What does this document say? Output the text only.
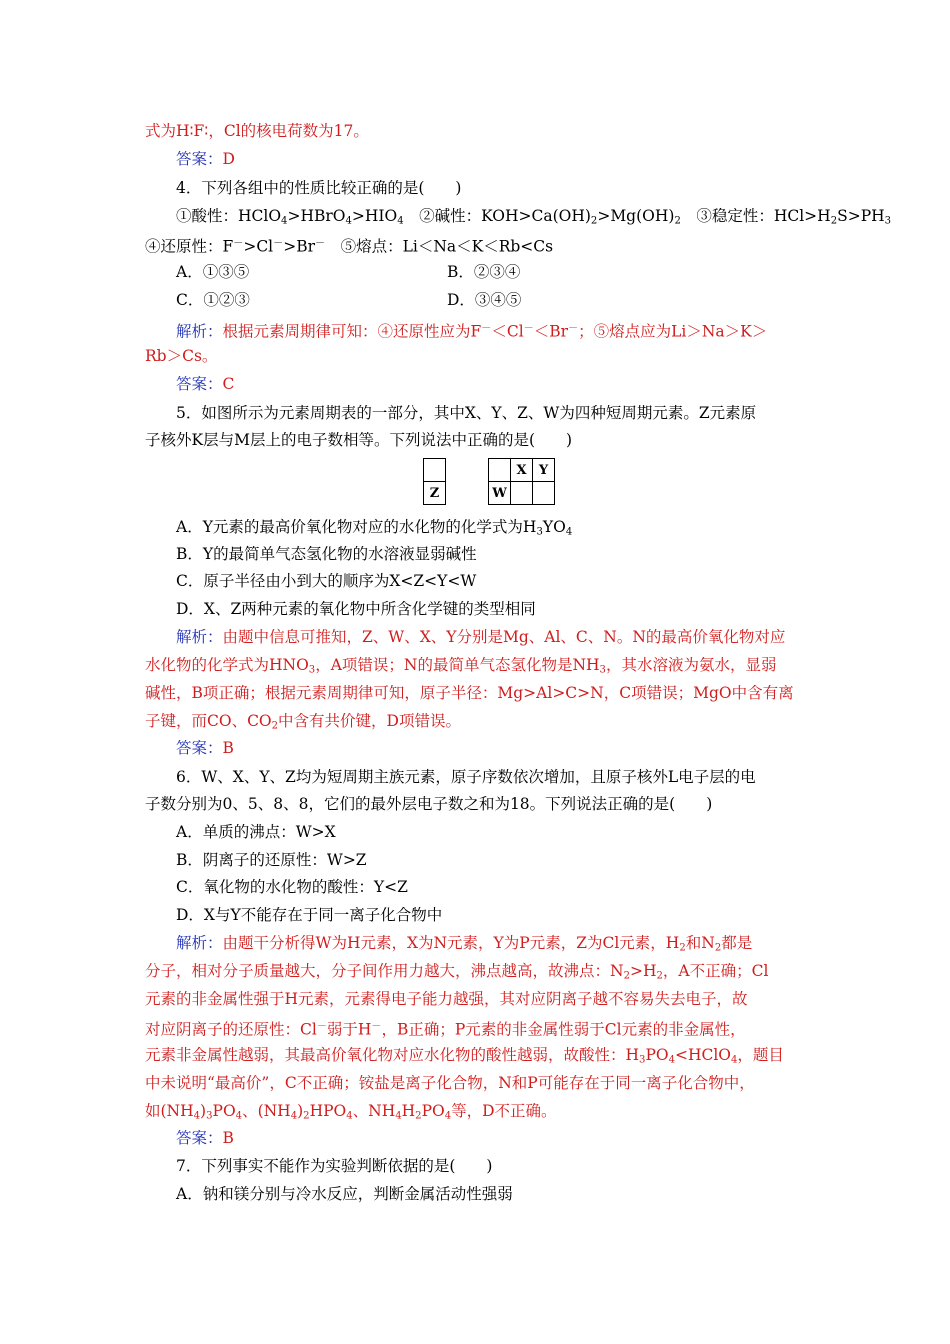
式为H∶F∶，Cl的核电荷数为17。
答案：D
4．下列各组中的性质比较正确的是(　　)
①酸性：$HClO_4>HBrO_4>HIO_4$　②碱性：$KOH>Ca(OH)_2>Mg(OH)_2$　③稳定性：$HCl>H_2S>PH_3$
④还原性：F－>Cl－>Br－　⑤熔点：Li＜Na＜K＜Rb<Cs
A．①③⑤	B．②③④
C．①②③	D．③④⑤
解析：根据元素周期律可知：④还原性应为F－＜Cl－＜Br－；⑤熔点应为Li＞Na＞K＞
Rb＞Cs。
答案：C
5．如图所示为元素周期表的一部分，其中X、Y、Z、W为四种短周期元素。Z元素原
子核外K层与M层上的电子数相等。下列说法中正确的是(　　)
				X	Y
Z			W		
A．Y元素的最高价氧化物对应的水化物的化学式为$H_3YO_4$
B．Y的最简单气态氢化物的水溶液显弱碱性
C．原子半径由小到大的顺序为X<Z<Y<W
D．X、Z两种元素的氧化物中所含化学键的类型相同
解析：由题中信息可推知，Z、W、X、Y分别是Mg、Al、C、N。N的最高价氧化物对应
水化物的化学式为$HNO_3$，A项错误；N的最简单气态氢化物是$NH_3$，其水溶液为氨水，显弱
碱性，B项正确；根据元素周期律可知，原子半径：Mg>Al>C>N，C项错误；MgO中含有离
子键，而CO、$CO_2$中含有共价键，D项错误。
答案：B
6．W、X、Y、Z均为短周期主族元素，原子序数依次增加，且原子核外L电子层的电
子数分别为0、5、8、8，它们的最外层电子数之和为18。下列说法正确的是(　　)
A．单质的沸点：W>X
B．阴离子的还原性：W>Z
C．氧化物的水化物的酸性：Y<Z
D．X与Y不能存在于同一离子化合物中
解析：由题干分析得W为H元素，X为N元素，Y为P元素，Z为Cl元素，$H_2$和$N_2$都是
分子，相对分子质量越大，分子间作用力越大，沸点越高，故沸点：$N_2>H_2$，A不正确；Cl
元素的非金属性强于H元素，元素得电子能力越强，其对应阴离子越不容易失去电子，故
对应阴离子的还原性：Cl－弱于H－，B正确；P元素的非金属性弱于Cl元素的非金属性，
元素非金属性越弱，其最高价氧化物对应水化物的酸性越弱，故酸性：$H_3PO_4<HClO_4$，题目
中未说明“最高价”，C不正确；铵盐是离子化合物，N和P可能存在于同一离子化合物中，
如$(NH_4)_3PO_4$、$(NH_4)_2HPO_4$、$NH_4H_2PO_4$等，D不正确。
答案：B
7．下列事实不能作为实验判断依据的是(　　)
A．钠和镁分别与冷水反应，判断金属活动性强弱
